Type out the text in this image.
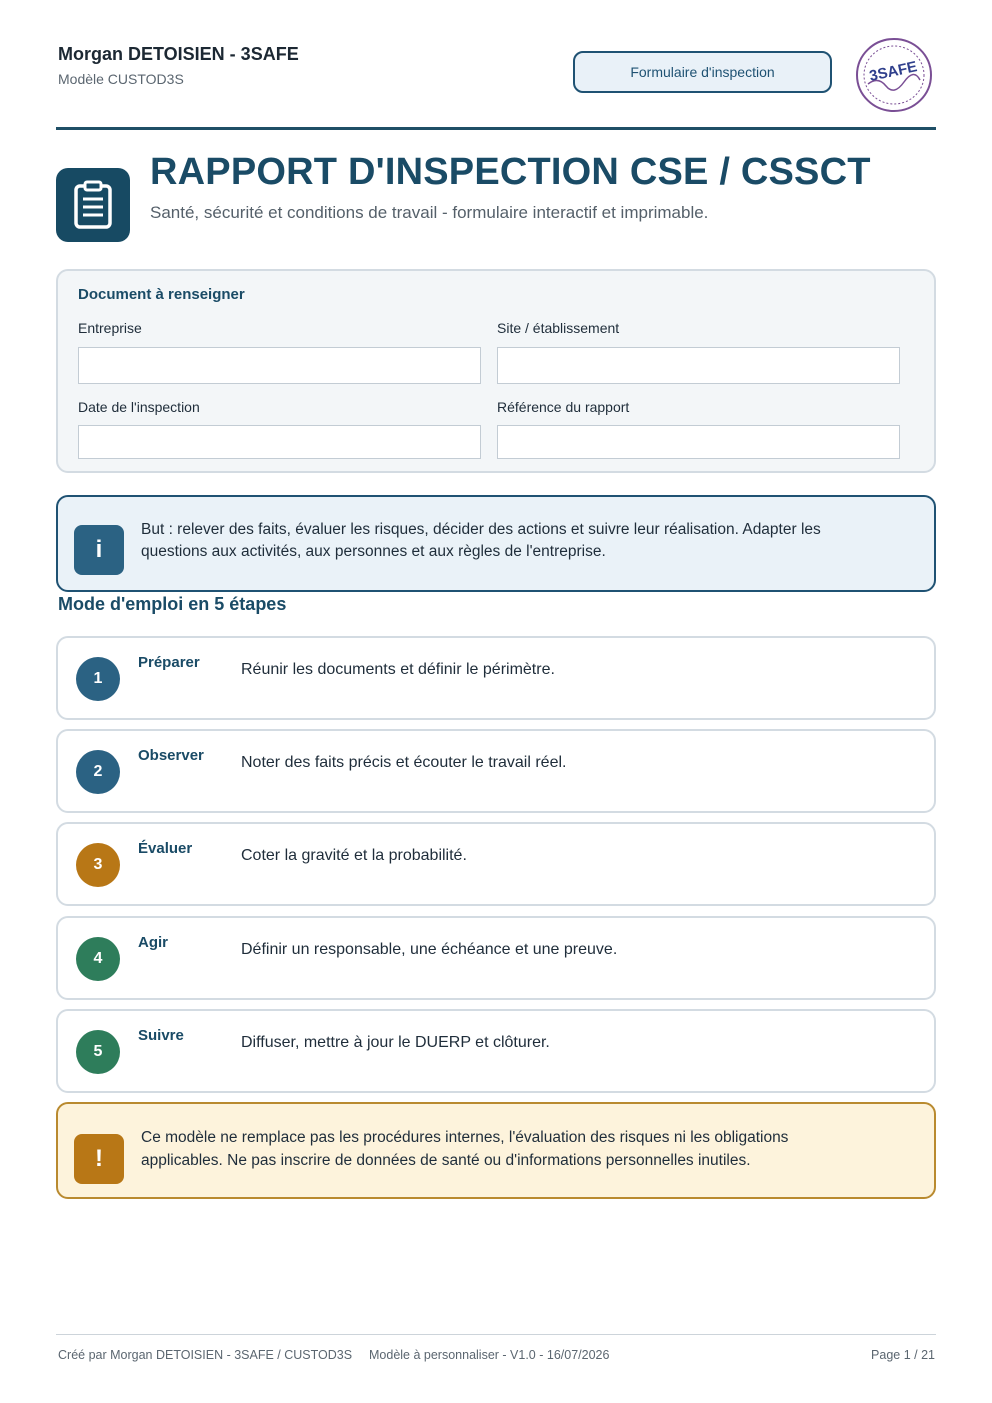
Morgan DETOISIEN - 3SAFE
Modèle CUSTOD3S	Formulaire d'inspection	3SAFE
RAPPORT D'INSPECTION CSE / CSSCT
Santé, sécurité et conditions de travail - formulaire interactif et imprimable.
Document à renseigner
Entreprise	Site / établissement
Date de l'inspection	Référence du rapport
i
But : relever des faits, évaluer les risques, décider des actions et suivre leur réalisation. Adapter les
questions aux activités, aux personnes et aux règles de l'entreprise.
Mode d'emploi en 5 étapes
1
Préparer	Réunir les documents et définir le périmètre.
2
Observer Noter des faits précis et écouter le travail réel.
3
Évaluer	Coter la gravité et la probabilité.
4
Agir	Définir un responsable, une échéance et une preuve.
5
Suivre	Diffuser, mettre à jour le DUERP et clôturer.
!
Ce modèle ne remplace pas les procédures internes, l'évaluation des risques ni les obligations
applicables. Ne pas inscrire de données de santé ou d'informations personnelles inutiles.
Créé par Morgan DETOISIEN - 3SAFE / CUSTOD3S Modèle à personnaliser - V1.0 - 16/07/2026	Page 1 / 21
